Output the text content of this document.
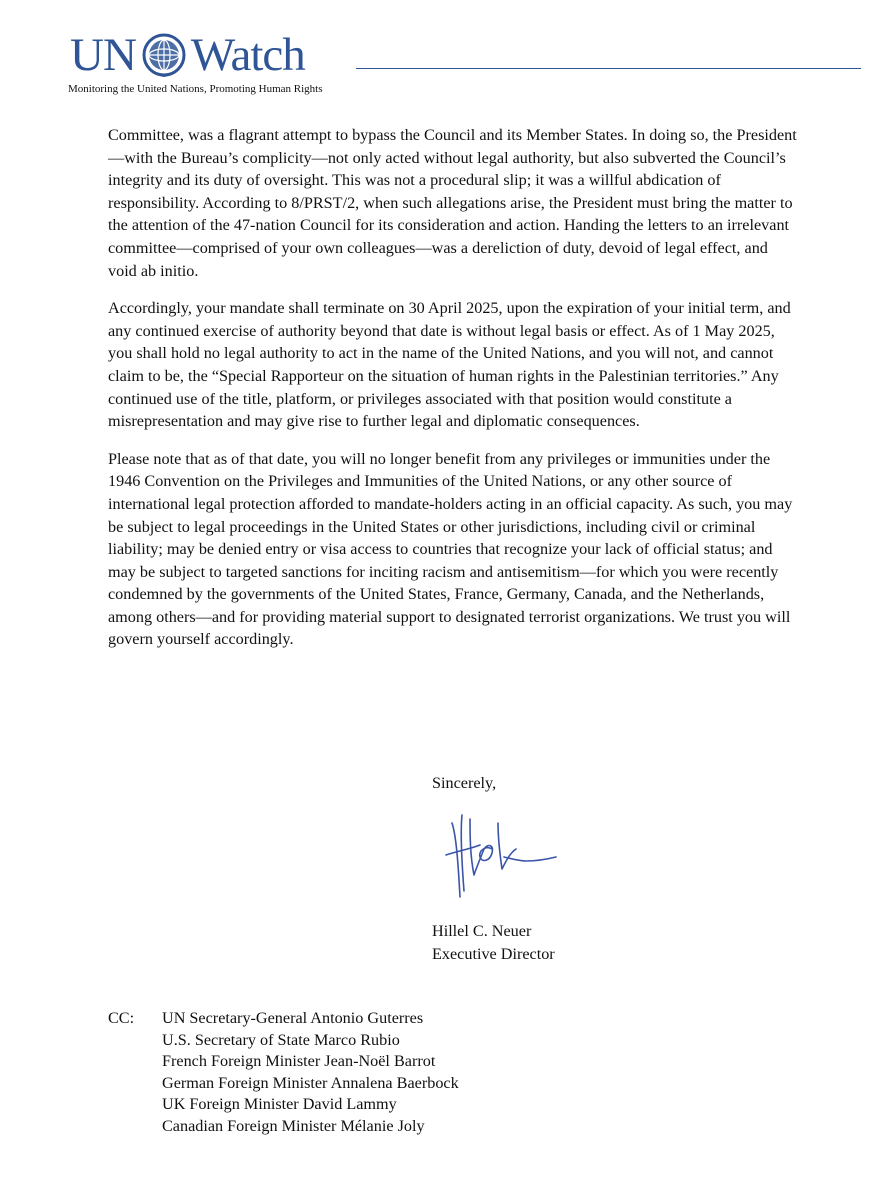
UN Watch
Monitoring the United Nations, Promoting Human Rights

Committee, was a flagrant attempt to bypass the Council and its Member States. In doing so, the President—with the Bureau’s complicity—not only acted without legal authority, but also subverted the Council’s integrity and its duty of oversight. This was not a procedural slip; it was a willful abdication of responsibility. According to 8/PRST/2, when such allegations arise, the President must bring the matter to the attention of the 47-nation Council for its consideration and action. Handing the letters to an irrelevant committee—comprised of your own colleagues—was a dereliction of duty, devoid of legal effect, and void ab initio.

Accordingly, your mandate shall terminate on 30 April 2025, upon the expiration of your initial term, and any continued exercise of authority beyond that date is without legal basis or effect. As of 1 May 2025, you shall hold no legal authority to act in the name of the United Nations, and you will not, and cannot claim to be, the “Special Rapporteur on the situation of human rights in the Palestinian territories.” Any continued use of the title, platform, or privileges associated with that position would constitute a misrepresentation and may give rise to further legal and diplomatic consequences.

Please note that as of that date, you will no longer benefit from any privileges or immunities under the 1946 Convention on the Privileges and Immunities of the United Nations, or any other source of international legal protection afforded to mandate-holders acting in an official capacity. As such, you may be subject to legal proceedings in the United States or other jurisdictions, including civil or criminal liability; may be denied entry or visa access to countries that recognize your lack of official status; and may be subject to targeted sanctions for inciting racism and antisemitism—for which you were recently condemned by the governments of the United States, France, Germany, Canada, and the Netherlands, among others—and for providing material support to designated terrorist organizations. We trust you will govern yourself accordingly.

Sincerely,
Hillel C. Neuer
Executive Director
CC: UN Secretary-General Antonio Guterres
U.S. Secretary of State Marco Rubio
French Foreign Minister Jean-Noël Barrot
German Foreign Minister Annalena Baerbock
UK Foreign Minister David Lammy
Canadian Foreign Minister Mélanie Joly
